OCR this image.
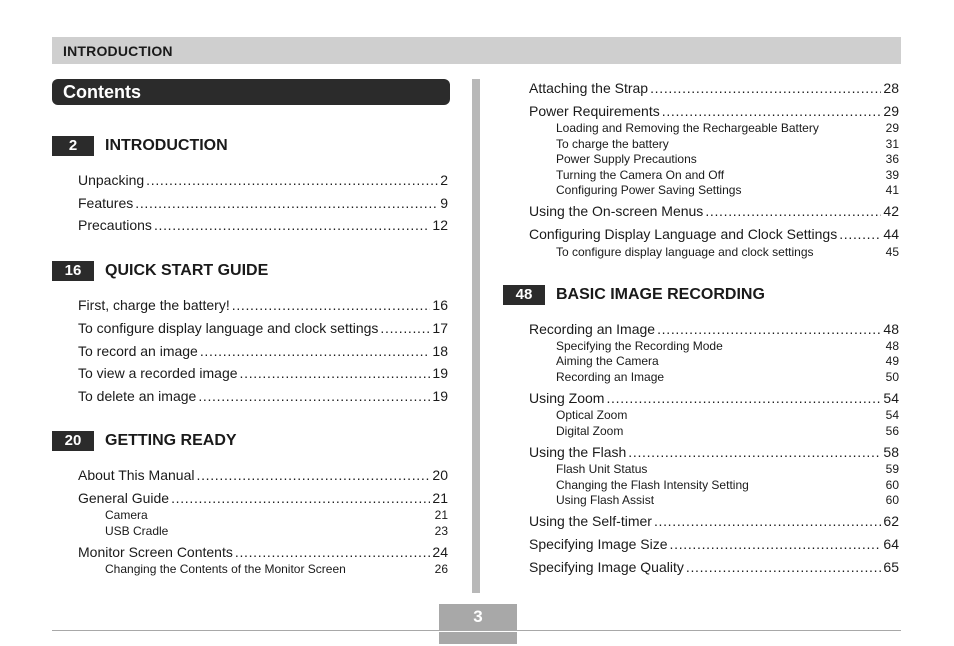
INTRODUCTION
Contents
2	INTRODUCTION
Unpacking . . .	2
Features . . .	9
Precautions . . .	12
16	QUICK START GUIDE
First, charge the battery! . . .	16
To configure display language and clock settings . . .	17
To record an image . . .	18
To view a recorded image . . .	19
To delete an image . . .	19
20	GETTING READY
About This Manual . . .	20
General Guide . . .	21
Camera	21
USB Cradle	23
Monitor Screen Contents . . .	24
Changing the Contents of the Monitor Screen	26
Attaching the Strap . . .	28
Power Requirements . . .	29
Loading and Removing the Rechargeable Battery	29
To charge the battery	31
Power Supply Precautions	36
Turning the Camera On and Off	39
Configuring Power Saving Settings	41
Using the On-screen Menus . . .	42
Configuring Display Language and Clock Settings . . .	44
To configure display language and clock settings	45
48	BASIC IMAGE RECORDING
Recording an Image . . .	48
Specifying the Recording Mode	48
Aiming the Camera	49
Recording an Image	50
Using Zoom . . .	54
Optical Zoom	54
Digital Zoom	56
Using the Flash . . .	58
Flash Unit Status	59
Changing the Flash Intensity Setting	60
Using Flash Assist	60
Using the Self-timer . . .	62
Specifying Image Size . . .	64
Specifying Image Quality . . .	65
3
